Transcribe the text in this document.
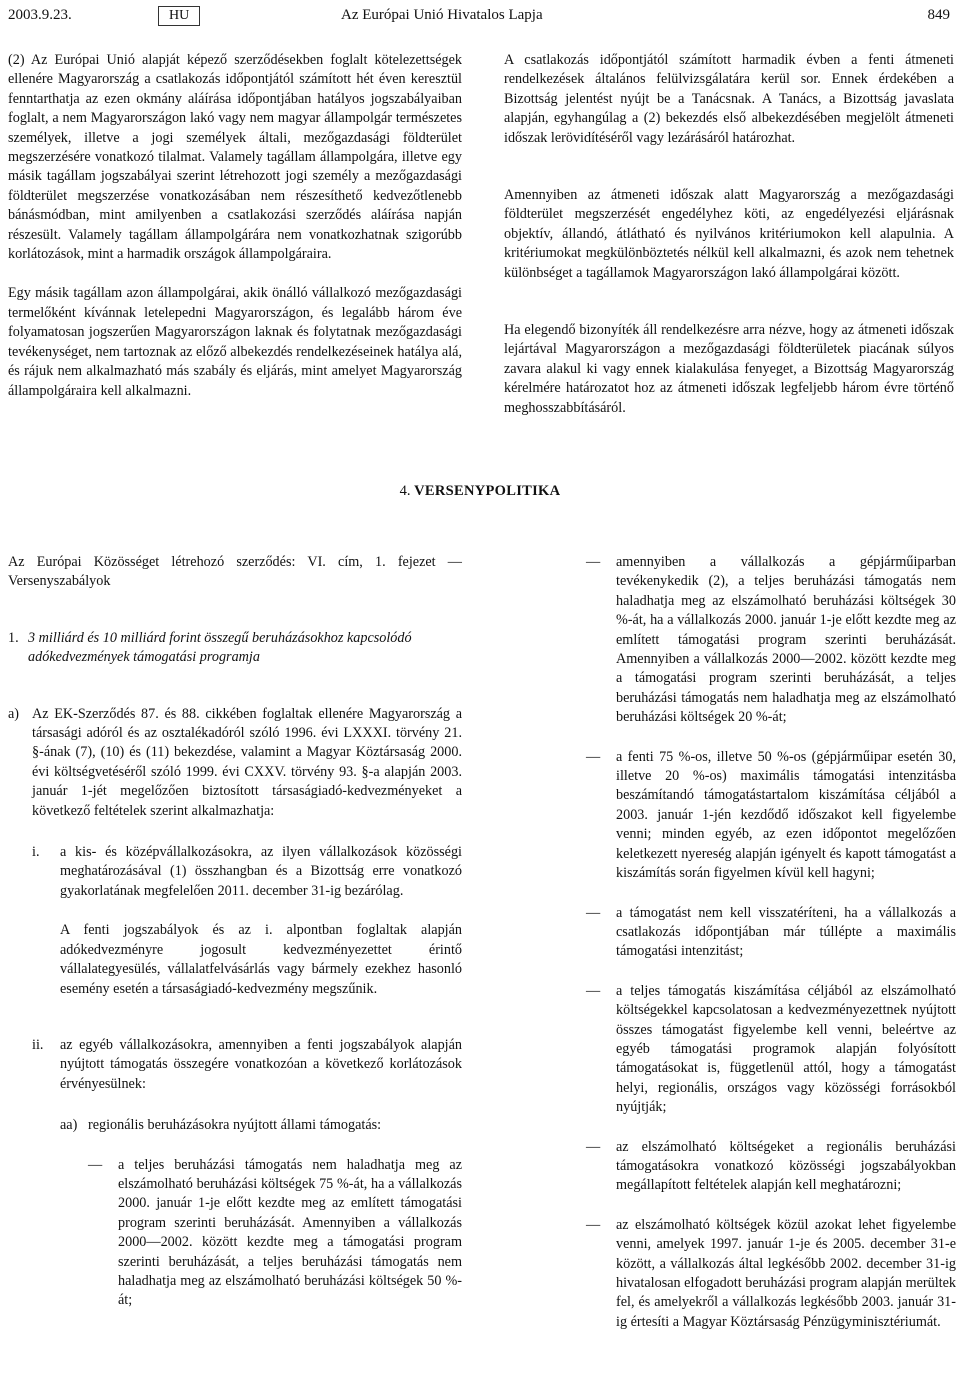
2003.9.23.	HU	Az Európai Unió Hivatalos Lapja	849

(2) Az Európai Unió alapját képező szerződésekben foglalt kötelezettségek ellenére Magyarország a csatlakozás időpontjától számított hét éven keresztül fenntarthatja az ezen okmány aláírása időpontjában hatályos jogszabályaiban foglalt, a nem Magyarországon lakó vagy nem magyar állampolgár természetes személyek, illetve a jogi személyek általi, mezőgazdasági földterület megszerzésére vonatkozó tilalmat. Valamely tagállam állampolgára, illetve egy másik tagállam jogszabályai szerint létrehozott jogi személy a mezőgazdasági földterület megszerzése vonatkozásában nem részesíthető kedvezőtlenebb bánásmódban, mint amilyenben a csatlakozási szerződés aláírása napján részesült. Valamely tagállam állampolgárára nem vonatkozhatnak szigorúbb korlátozások, mint a harmadik országok állampolgáraira.

Egy másik tagállam azon állampolgárai, akik önálló vállalkozó mezőgazdasági termelőként kívánnak letelepedni Magyarországon, és legalább három éve folyamatosan jogszerűen Magyarországon laknak és folytatnak mezőgazdasági tevékenységet, nem tartoznak az előző albekezdés rendelkezéseinek hatálya alá, és rájuk nem alkalmazható más szabály és eljárás, mint amelyet Magyarország állampolgáraira kell alkalmazni.

A csatlakozás időpontjától számított harmadik évben a fenti átmeneti rendelkezések általános felülvizsgálatára kerül sor. Ennek érdekében a Bizottság jelentést nyújt be a Tanácsnak. A Tanács, a Bizottság javaslata alapján, egyhangúlag a (2) bekezdés első albekezdésében megjelölt átmeneti időszak lerövidítéséről vagy lezárásáról határozhat.

Amennyiben az átmeneti időszak alatt Magyarország a mezőgazdasági földterület megszerzését engedélyhez köti, az engedélyezési eljárásnak objektív, állandó, átlátható és nyilvános kritériumokon kell alapulnia. A kritériumokat megkülönböztetés nélkül kell alkalmazni, és azok nem tehetnek különbséget a tagállamok Magyarországon lakó állampolgárai között.

Ha elegendő bizonyíték áll rendelkezésre arra nézve, hogy az átmeneti időszak lejártával Magyarországon a mezőgazdasági földterületek piacának súlyos zavara alakul ki vagy ennek kialakulása fenyeget, a Bizottság Magyarország kérelmére határozatot hoz az átmeneti időszak legfeljebb három évre történő meghosszabbításáról.

4. VERSENYPOLITIKA

Az Európai Közösséget létrehozó szerződés: VI. cím, 1. fejezet — Versenyszabályok

1. 3 milliárd és 10 milliárd forint összegű beruházásokhoz kapcsolódó adókedvezmények támogatási programja
a) Az EK-Szerződés 87. és 88. cikkében foglaltak ellenére Magyarország a társasági adóról és az osztalékadóról szóló 1996. évi LXXXI. törvény 21. §-ának (7), (10) és (11) bekezdése, valamint a Magyar Köztársaság 2000. évi költségvetéséről szóló 1999. évi CXXV. törvény 93. §-a alapján 2003. január 1-jét megelőzően biztosított társaságiadó-kedvezményeket a következő feltételek szerint alkalmazhatja:
i.	a kis- és középvállalkozásokra, az ilyen vállalkozások közösségi meghatározásával (1) összhangban és a Bizottság erre vonatkozó gyakorlatának megfelelően 2011. december 31-ig bezárólag.

A fenti jogszabályok és az i. alpontban foglaltak alapján adókedvezményre jogosult kedvezményezettet érintő vállalategyesülés, vállalatfelvásárlás vagy bármely ezekhez hasonló esemény esetén a társaságiadó-kedvezmény megszűnik.

ii.	az egyéb vállalkozásokra, amennyiben a fenti jogszabályok alapján nyújtott támogatás összegére vonatkozóan a következő korlátozások érvényesülnek:
aa) regionális beruházásokra nyújtott állami támogatás:
—	a teljes beruházási támogatás nem haladhatja meg az elszámolható beruházási költségek 75 %-át, ha a vállalkozás 2000. január 1-je előtt kezdte meg az említett támogatási program szerinti beruházását. Amennyiben a vállalkozás 2000—2002. között kezdte meg a támogatási program szerinti beruházását, a teljes beruházási támogatás nem haladhatja meg az elszámolható beruházási költségek 50 %-át;
—	amennyiben a vállalkozás a gépjárműiparban tevékenykedik (2), a teljes beruházási támogatás nem haladhatja meg az elszámolható beruházási költségek 30 %-át, ha a vállalkozás 2000. január 1-je előtt kezdte meg az említett támogatási program szerinti beruházását. Amennyiben a vállalkozás 2000—2002. között kezdte meg a támogatási program szerinti beruházását, a teljes beruházási támogatás nem haladhatja meg az elszámolható beruházási költségek 20 %-át;
—	a fenti 75 %-os, illetve 50 %-os (gépjárműipar esetén 30, illetve 20 %-os) maximális támogatási intenzitásba beszámítandó támogatástartalom kiszámítása céljából a 2003. január 1-jén kezdődő időszakot kell figyelembe venni; minden egyéb, az ezen időpontot megelőzően keletkezett nyereség alapján igényelt és kapott támogatást a kiszámítás során figyelmen kívül kell hagyni;
—	a támogatást nem kell visszatéríteni, ha a vállalkozás a csatlakozás időpontjában már túllépte a maximális támogatási intenzitást;
—	a teljes támogatás kiszámítása céljából az elszámolható költségekkel kapcsolatosan a kedvezményezettnek nyújtott összes támogatást figyelembe kell venni, beleértve az egyéb támogatási programok alapján folyósított támogatásokat is, függetlenül attól, hogy a támogatást helyi, regionális, országos vagy közösségi forrásokból nyújtják;
—	az elszámolható költségeket a regionális beruházási támogatásokra vonatkozó közösségi jogszabályokban megállapított feltételek alapján kell meghatározni;
—	az elszámolható költségek közül azokat lehet figyelembe venni, amelyek 1997. január 1-je és 2005. december 31-e között, a vállalkozás által legkésőbb 2002. december 31-ig hivatalosan elfogadott beruházási program alapján merültek fel, és amelyekről a vállalkozás legkésőbb 2003. január 31-ig értesíti a Magyar Köztársaság Pénzügyminisztériumát.
